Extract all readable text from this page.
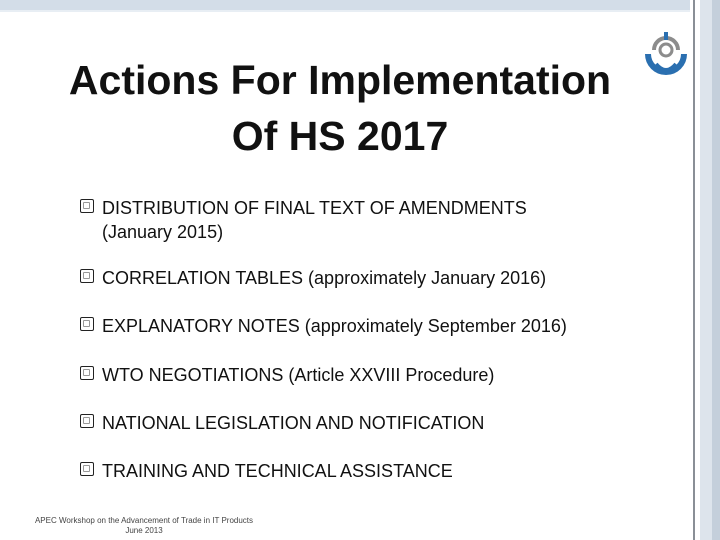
Actions For Implementation
Of HS 2017
DISTRIBUTION OF FINAL TEXT OF AMENDMENTS
(January 2015)
CORRELATION TABLES (approximately January 2016)
EXPLANATORY NOTES (approximately September 2016)
WTO NEGOTIATIONS (Article XXVIII Procedure)
NATIONAL LEGISLATION AND NOTIFICATION
TRAINING AND TECHNICAL ASSISTANCE
APEC Workshop on the Advancement of Trade in IT Products
June 2013
